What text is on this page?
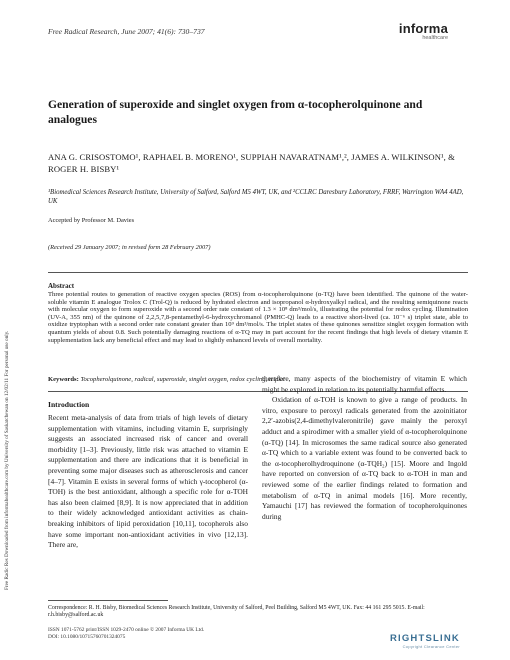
Free Radical Research, June 2007; 41(6): 730–737	informa
healthcare
Free Radic Res Downloaded from informahealthcare.com by University of Saskatchewan on 12/02/11 For personal use only.
Generation of superoxide and singlet oxygen from α-tocopherolquinone and analogues
ANA G. CRISOSTOMO¹, RAPHAEL B. MORENO¹, SUPPIAH NAVARATNAM¹,², JAMES A. WILKINSON¹, & ROGER H. BISBY¹
¹Biomedical Sciences Research Institute, University of Salford, Salford M5 4WT, UK, and ²CCLRC Daresbury Laboratory, FRRF, Warrington WA4 4AD, UK
Accepted by Professor M. Davies
(Received 29 January 2007; in revised form 28 February 2007)
Abstract
Three potential routes to generation of reactive oxygen species (ROS) from α-tocopherolquinone (α-TQ) have been identified. The quinone of the water-soluble vitamin E analogue Trolox C (Trol-Q) is reduced by hydrated electron and isopropanol α-hydroxyalkyl radical, and the resulting semiquinone reacts with molecular oxygen to form superoxide with a second order rate constant of 1.3 × 10⁸ dm³/mol/s, illustrating the potential for redox cycling. Illumination (UV-A, 355 nm) of the quinone of 2,2,5,7,8-pentamethyl-6-hydroxychromanol (PMHC-Q) leads to a reactive short-lived (ca. 10⁻⁶ s) triplet state, able to oxidize tryptophan with a second order rate constant greater than 10⁹ dm³/mol/s. The triplet states of these quinones sensitize singlet oxygen formation with quantum yields of about 0.8. Such potentially damaging reactions of α-TQ may in part account for the recent findings that high levels of dietary vitamin E supplementation lack any beneficial effect and may lead to slightly enhanced levels of overall mortality.
Keywords: Tocopherolquinone, radical, superoxide, singlet oxygen, redox cycling, triplet
Introduction

Recent meta-analysis of data from trials of high levels of dietary supplementation with vitamins, including vitamin E, surprisingly suggests an associated increased risk of cancer and overall morbidity [1–3]. Previously, little risk was attached to vitamin E supplementation and there are indications that it is beneficial in preventing some major diseases such as atherosclerosis and cancer [4–7]. Vitamin E exists in several forms of which γ-tocopherol (α-TOH) is the best antioxidant, although a specific role for α-TOH has also been claimed [8,9]. It is now appreciated that in addition to their widely acknowledged antioxidant activities as chain-breaking inhibitors of lipid peroxidation [10,11], tocopherols also have some important non-antioxidant activities in vivo [12,13]. There are,

therefore, many aspects of the biochemistry of vitamin E which might be explored in relation to its potentially harmful effects.

Oxidation of α-TOH is known to give a range of products. In vitro, exposure to peroxyl radicals generated from the azoinitiator 2,2′-azobis(2,4-dimethylvaleronitrile) gave mainly the peroxyl adduct and a spirodimer with a smaller yield of α-tocopherolquinone (α-TQ) [14]. In microsomes the same radical source also generated α-TQ which to a variable extent was found to be converted back to the α-tocopherolhydroquinone (α-TQH₂) [15]. Moore and Ingold have reported on conversion of α-TQ back to α-TOH in man and reviewed some of the earlier findings related to formation and metabolism of α-TQ in animal models [16]. More recently, Yamauchi [17] has reviewed the formation of tocopherolquinones during

Correspondence: R. H. Bisby, Biomedical Sciences Research Institute, University of Salford, Peel Building, Salford M5 4WT, UK. Fax: 44 161 295 5015. E-mail: r.h.bisby@salford.ac.uk
ISSN 1071-5762 print/ISSN 1029-2470 online © 2007 Informa UK Ltd.
DOI: 10.1080/10715760701324075	RIGHTSLINK
Copyright Clearance Center
